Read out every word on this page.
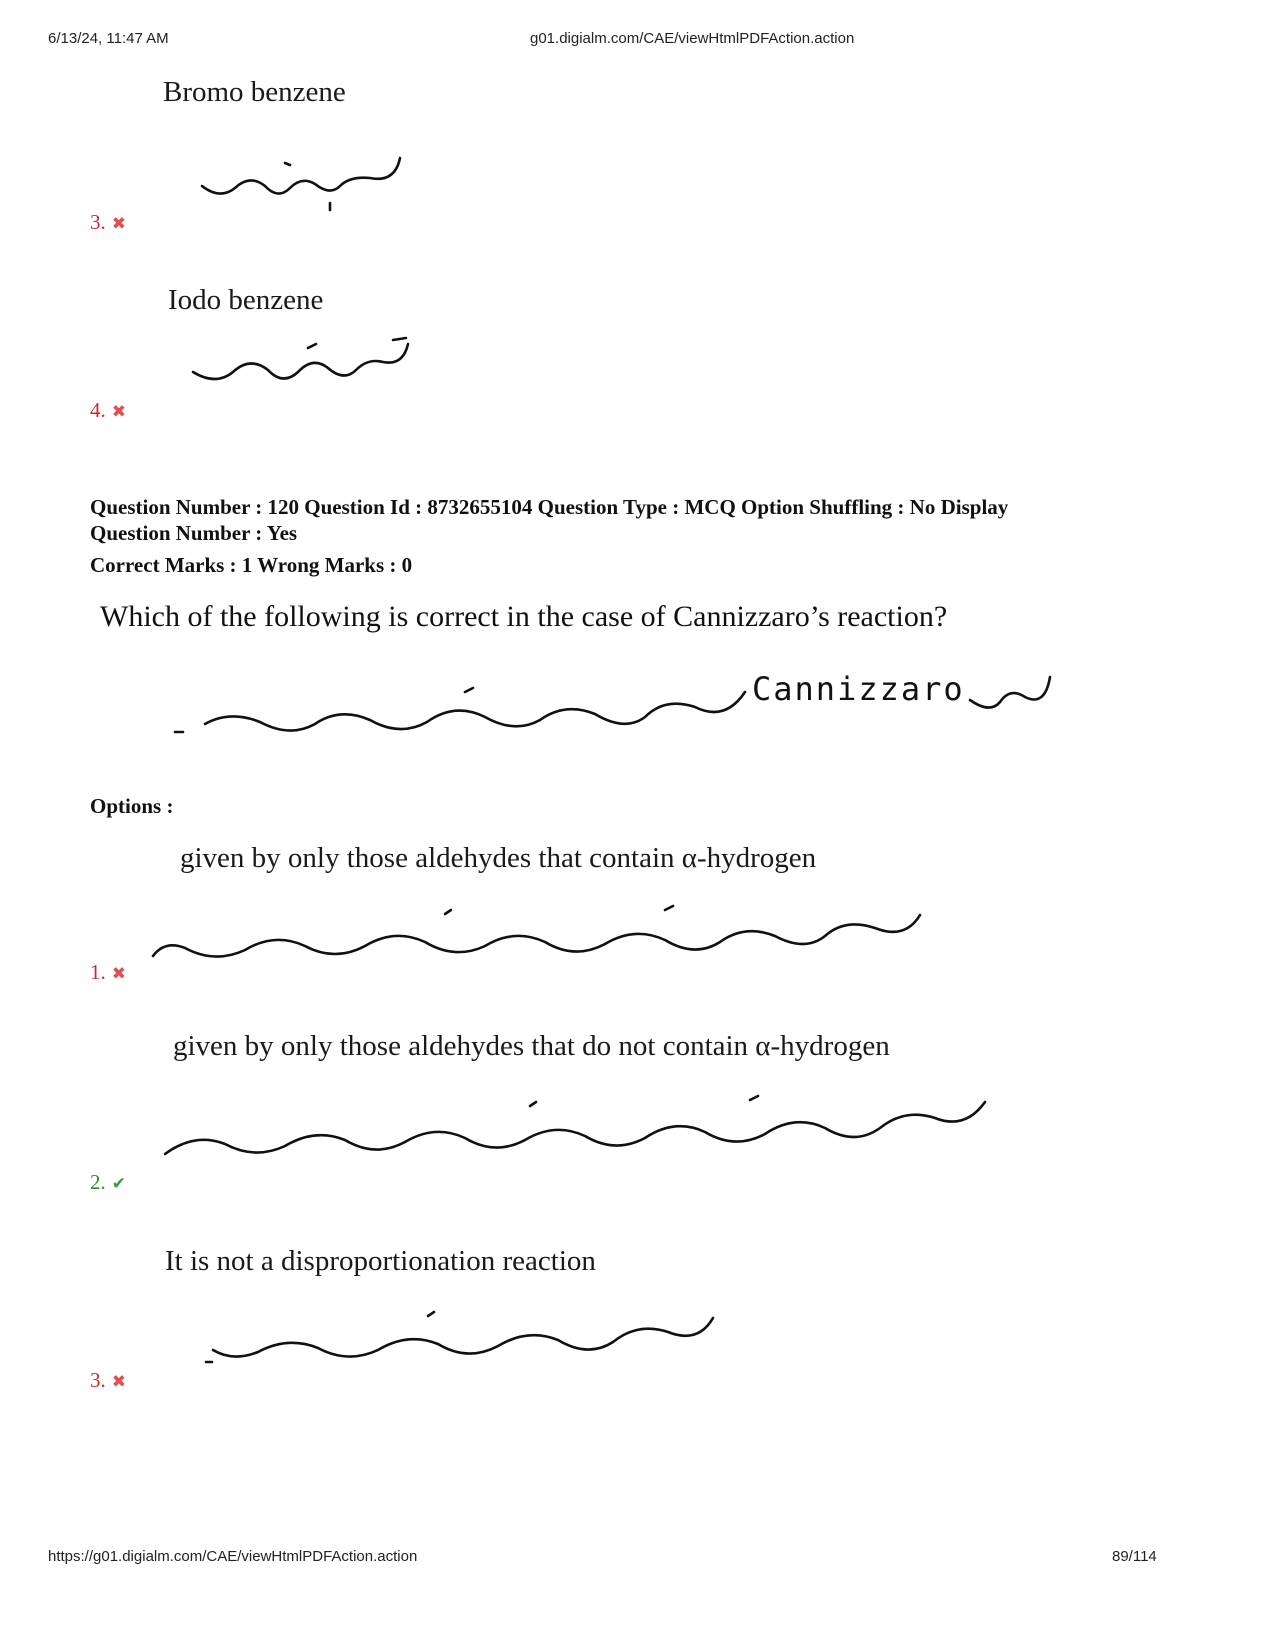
6/13/24, 11:47 AM	g01.digialm.com/CAE/viewHtmlPDFAction.action
Bromo benzene
3. ✖
Iodo benzene
4. ✖
Question Number : 120 Question Id : 8732655104 Question Type : MCQ Option Shuffling : No Display
Question Number : Yes
Correct Marks : 1 Wrong Marks : 0
Which of the following is correct in the case of Cannizzaro’s reaction?
Cannizzaro
Options :
given by only those aldehydes that contain α-hydrogen
1. ✖
given by only those aldehydes that do not contain α-hydrogen
2. ✔
It is not a disproportionation reaction
3. ✖
https://g01.digialm.com/CAE/viewHtmlPDFAction.action	89/114
